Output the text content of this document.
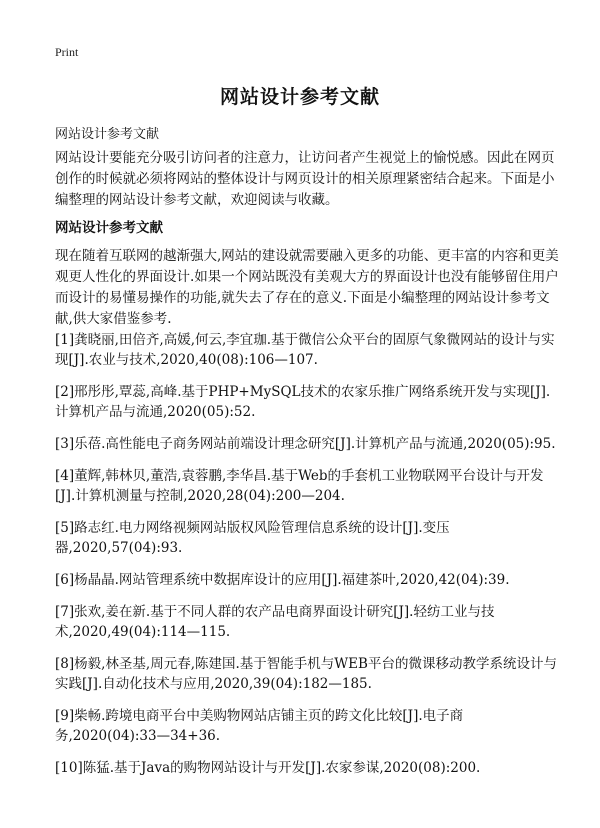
Print
网站设计参考文献
网站设计参考文献
网站设计要能充分吸引访问者的注意力，让访问者产生视觉上的愉悦感。因此在网页创作的时候就必须将网站的整体设计与网页设计的相关原理紧密结合起来。下面是小编整理的网站设计参考文献，欢迎阅读与收藏。
网站设计参考文献
现在随着互联网的越渐强大,网站的建设就需要融入更多的功能、更丰富的内容和更美观更人性化的界面设计.如果一个网站既没有美观大方的界面设计也没有能够留住用户而设计的易懂易操作的功能,就失去了存在的意义.下面是小编整理的网站设计参考文献,供大家借鉴参考.
[1]龚晓丽,田倍齐,高媛,何云,李宜珈.基于微信公众平台的固原气象微网站的设计与实现[J].农业与技术,2020,40(08):106—107.
[2]邢彤彤,覃蕊,高峰.基于PHP+MySQL技术的农家乐推广网络系统开发与实现[J].计算机产品与流通,2020(05):52.
[3]乐蓓.高性能电子商务网站前端设计理念研究[J].计算机产品与流通,2020(05):95.
[4]董辉,韩林贝,董浩,袁蓉鹏,李华昌.基于Web的手套机工业物联网平台设计与开发[J].计算机测量与控制,2020,28(04):200—204.
[5]路志红.电力网络视频网站版权风险管理信息系统的设计[J].变压器,2020,57(04):93.
[6]杨晶晶.网站管理系统中数据库设计的应用[J].福建茶叶,2020,42(04):39.
[7]张欢,姜在新.基于不同人群的农产品电商界面设计研究[J].轻纺工业与技术,2020,49(04):114—115.
[8]杨毅,林圣基,周元春,陈建国.基于智能手机与WEB平台的微课移动教学系统设计与实践[J].自动化技术与应用,2020,39(04):182—185.
[9]柴畅.跨境电商平台中美购物网站店铺主页的跨文化比较[J].电子商务,2020(04):33—34+36.
[10]陈猛.基于Java的购物网站设计与开发[J].农家参谋,2020(08):200.
